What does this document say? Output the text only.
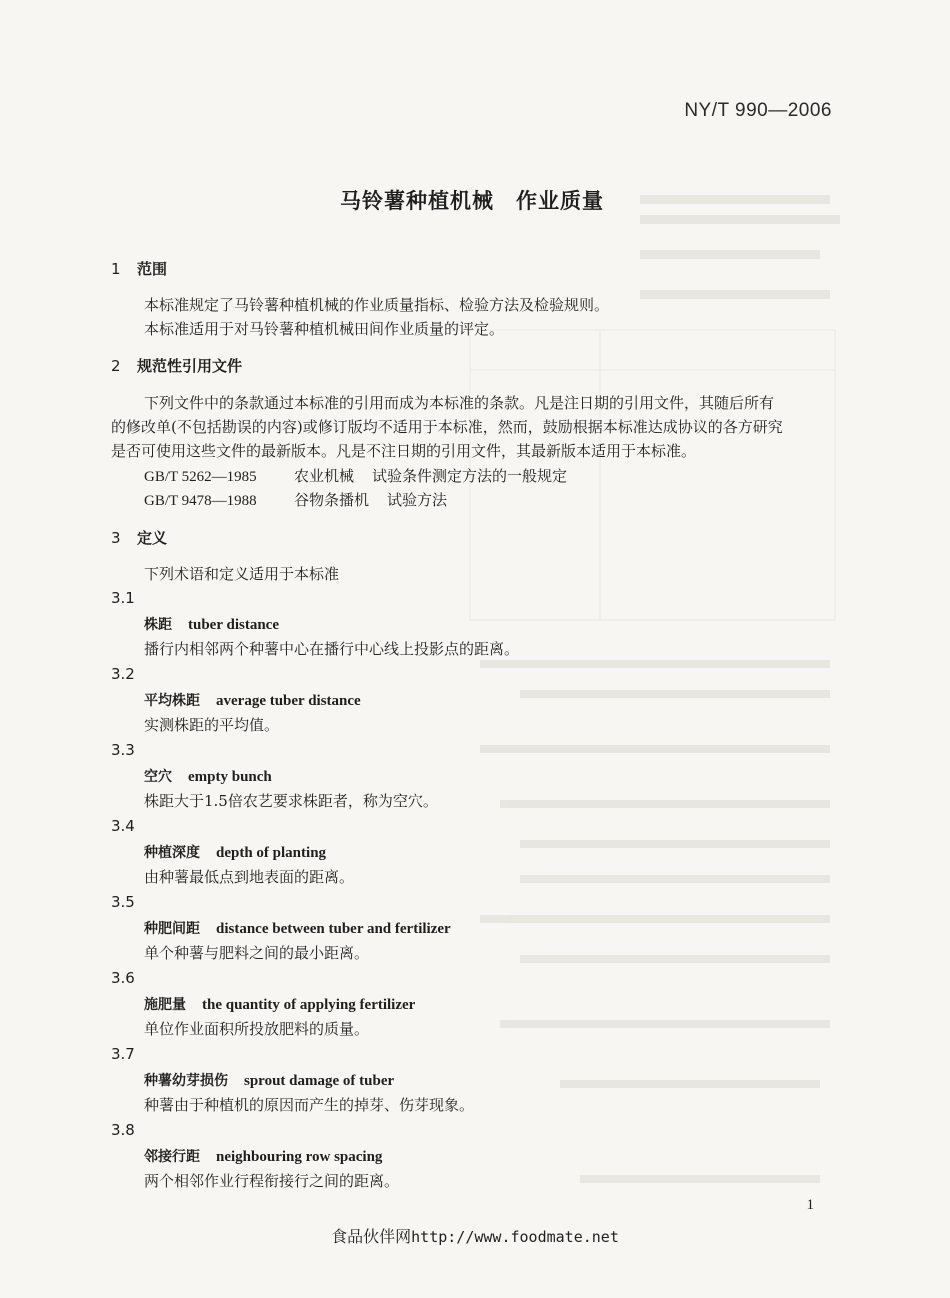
NY/T 990—2006
马铃薯种植机械　作业质量
1 范围
本标准规定了马铃薯种植机械的作业质量指标、检验方法及检验规则。
本标准适用于对马铃薯种植机械田间作业质量的评定。
2 规范性引用文件
下列文件中的条款通过本标准的引用而成为本标准的条款。凡是注日期的引用文件，其随后所有
的修改单(不包括勘误的内容)或修订版均不适用于本标准，然而，鼓励根据本标准达成协议的各方研究
是否可使用这些文件的最新版本。凡是不注日期的引用文件，其最新版本适用于本标准。
GB/T 5262—1985 农业机械 试验条件测定方法的一般规定
GB/T 9478—1988 谷物条播机 试验方法
3 定义
下列术语和定义适用于本标准
3.1
株距 tuber distance
播行内相邻两个种薯中心在播行中心线上投影点的距离。
3.2
平均株距 average tuber distance
实测株距的平均值。
3.3
空穴 empty bunch
株距大于1.5倍农艺要求株距者，称为空穴。
3.4
种植深度 depth of planting
由种薯最低点到地表面的距离。
3.5
种肥间距 distance between tuber and fertilizer
单个种薯与肥料之间的最小距离。
3.6
施肥量 the quantity of applying fertilizer
单位作业面积所投放肥料的质量。
3.7
种薯幼芽损伤 sprout damage of tuber
种薯由于种植机的原因而产生的掉芽、伤芽现象。
3.8
邻接行距 neighbouring row spacing
两个相邻作业行程衔接行之间的距离。
1
食品伙伴网http://www.foodmate.net
